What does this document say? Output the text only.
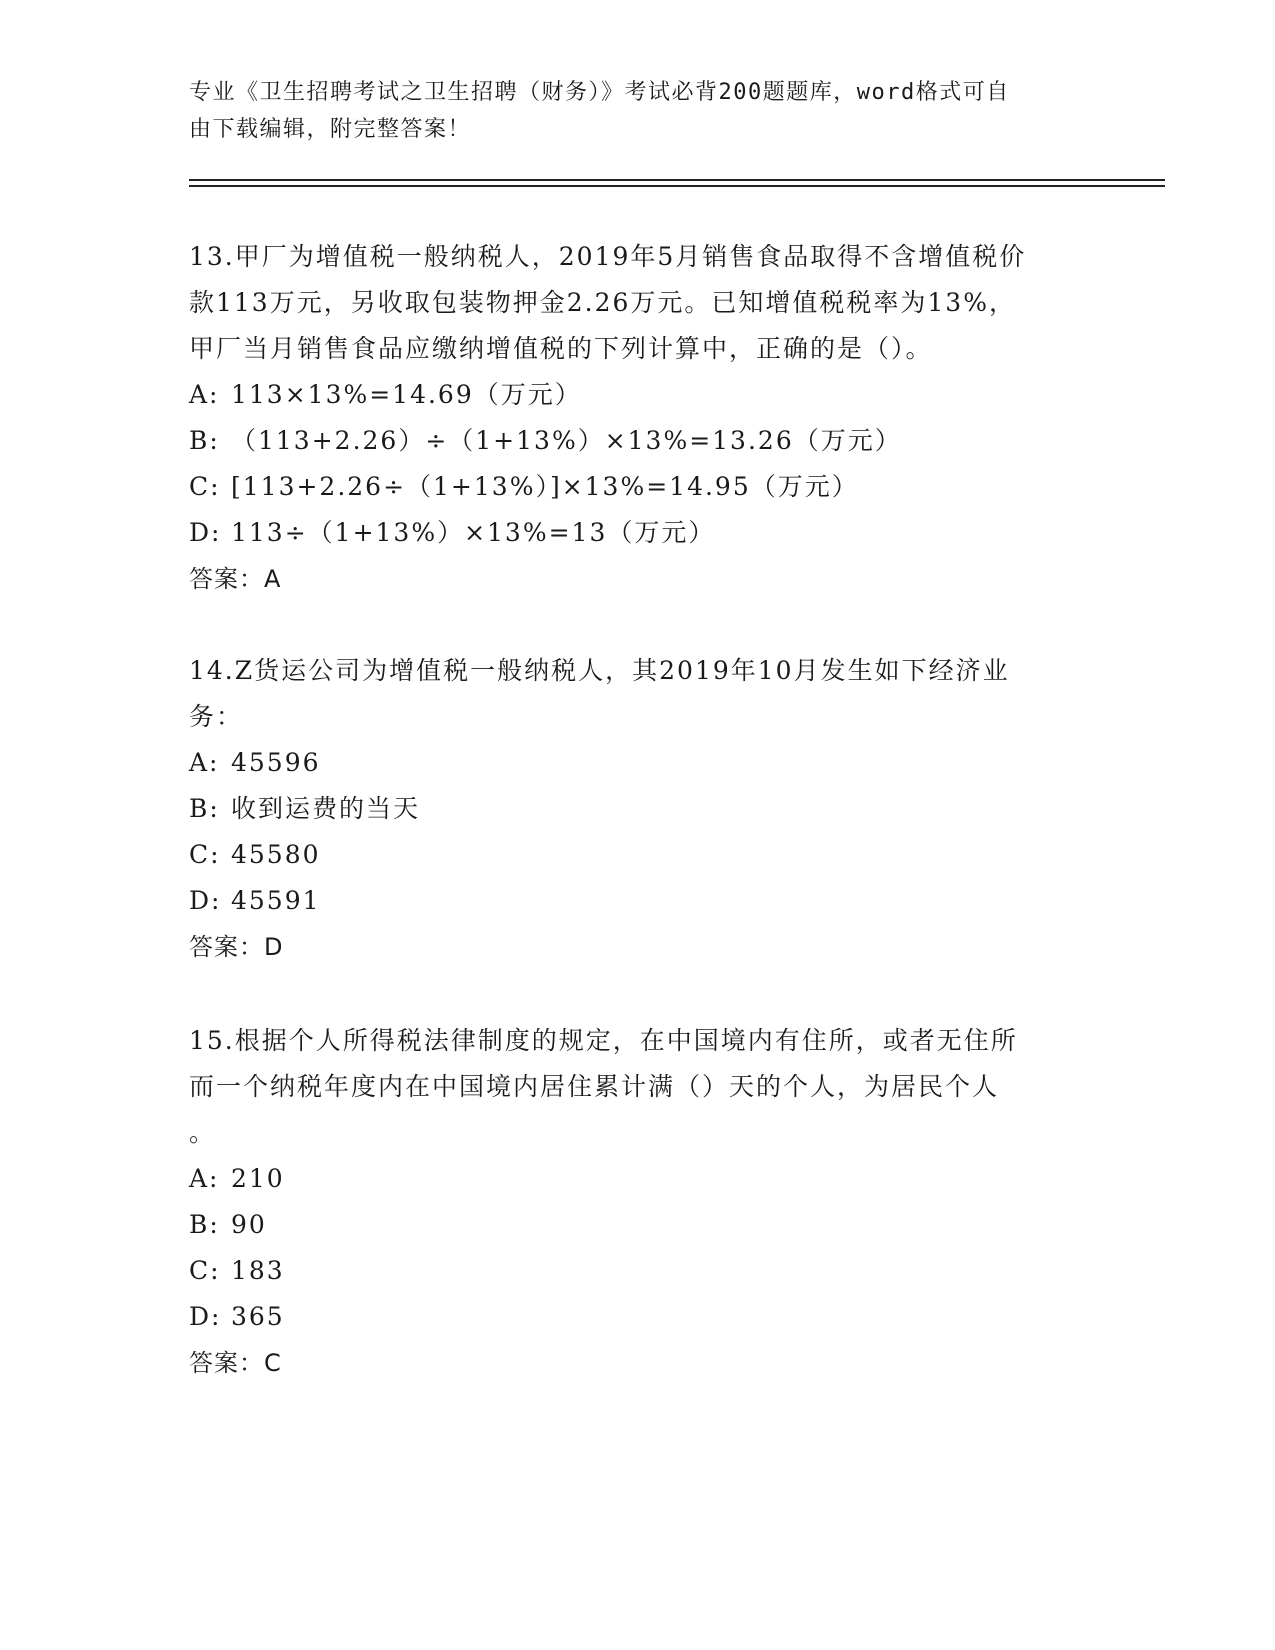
专业《卫生招聘考试之卫生招聘（财务）》考试必背200题题库，word格式可自
由下载编辑，附完整答案！
13.甲厂为增值税一般纳税人，2019年5月销售食品取得不含增值税价
款113万元，另收取包装物押金2.26万元。已知增值税税率为13%，
甲厂当月销售食品应缴纳增值税的下列计算中，正确的是（）。
A: 113×13%=14.69（万元）
B: （113+2.26）÷（1+13%）×13%=13.26（万元）
C: [113+2.26÷（1+13%）]×13%=14.95（万元）
D: 113÷（1+13%）×13%=13（万元）
答案：A
14.Z货运公司为增值税一般纳税人，其2019年10月发生如下经济业
务：
A: 45596
B: 收到运费的当天
C: 45580
D: 45591
答案：D
15.根据个人所得税法律制度的规定，在中国境内有住所，或者无住所
而一个纳税年度内在中国境内居住累计满（）天的个人，为居民个人
。
A: 210
B: 90
C: 183
D: 365
答案：C
